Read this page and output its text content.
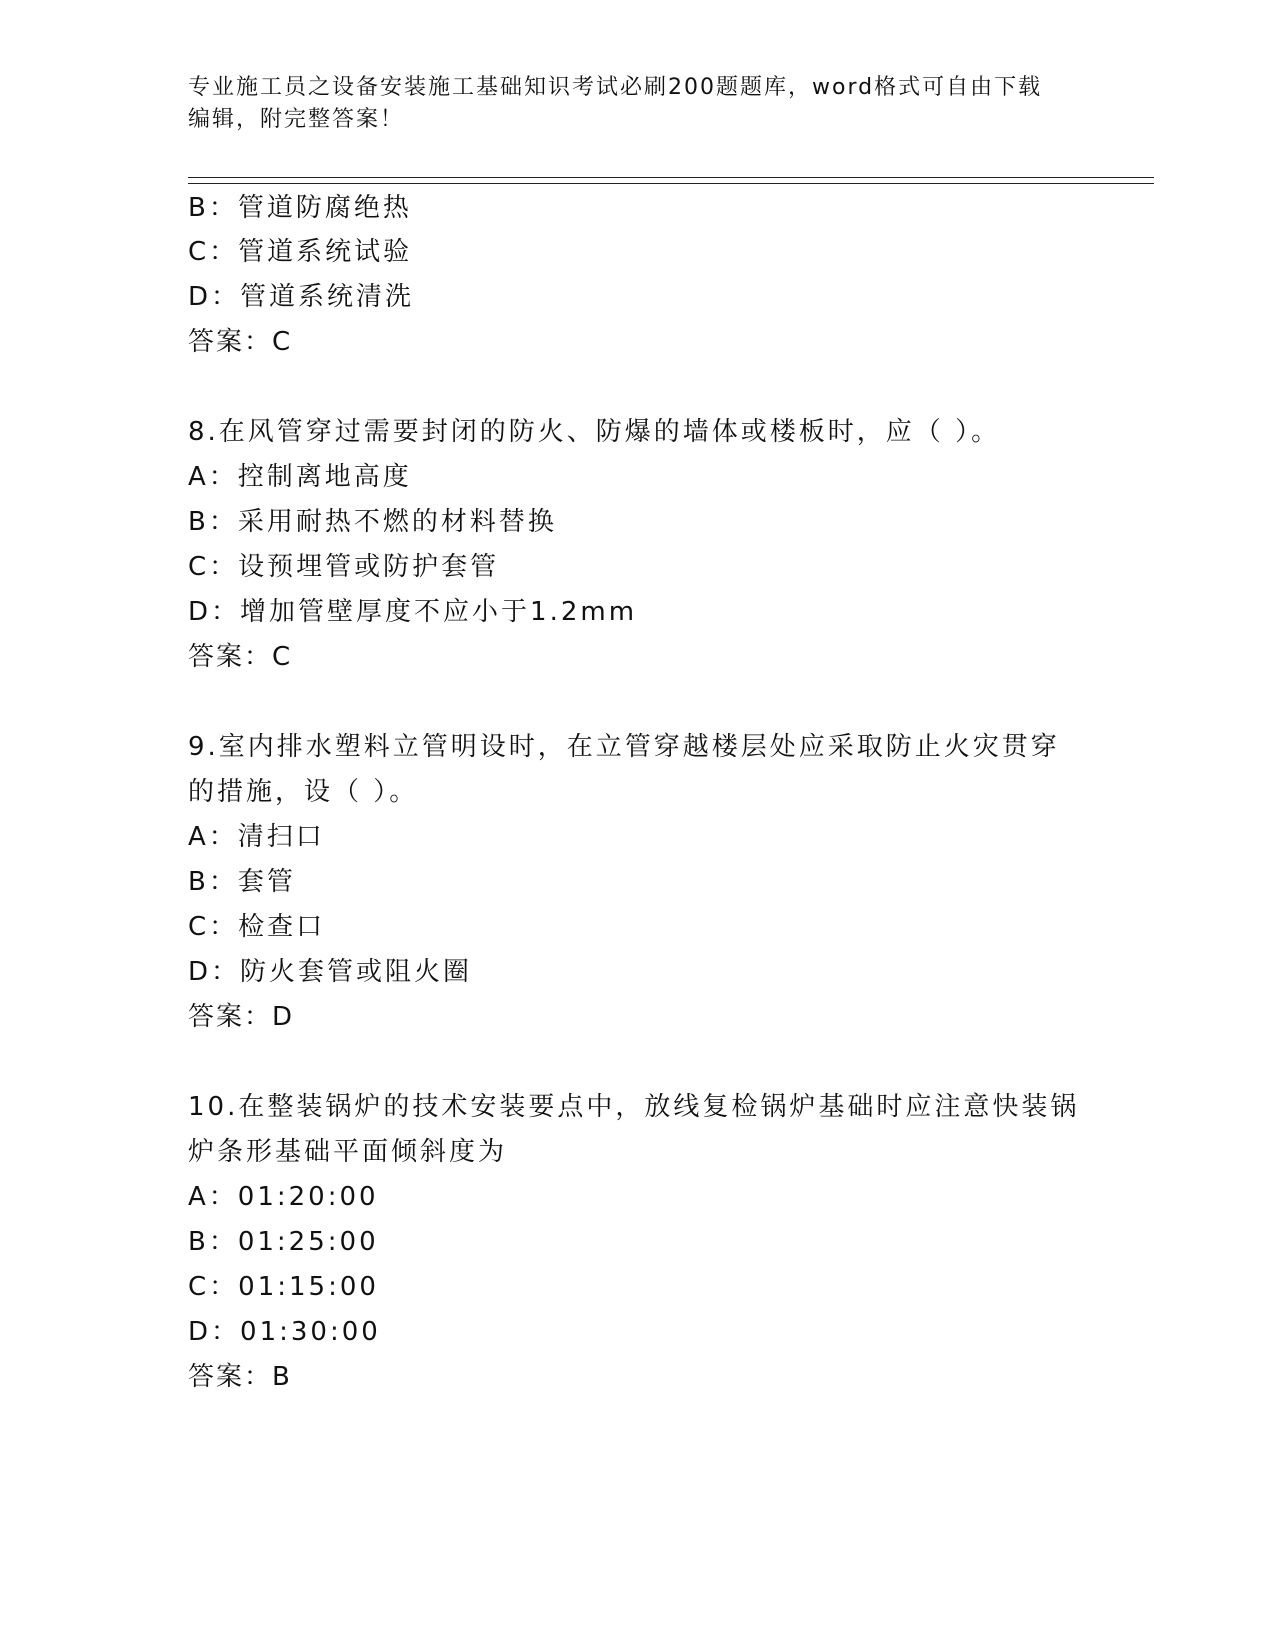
专业施工员之设备安装施工基础知识考试必刷200题题库，word格式可自由下载
编辑，附完整答案！
B：管道防腐绝热
C：管道系统试验
D：管道系统清洗
答案：C
8.在风管穿过需要封闭的防火、防爆的墙体或楼板时，应（ ）。
A：控制离地高度
B：采用耐热不燃的材料替换
C：设预埋管或防护套管
D：增加管壁厚度不应小于1.2mm
答案：C
9.室内排水塑料立管明设时，在立管穿越楼层处应采取防止火灾贯穿
的措施，设（ ）。
A：清扫口
B：套管
C：检查口
D：防火套管或阻火圈
答案：D
10.在整装锅炉的技术安装要点中，放线复检锅炉基础时应注意快装锅
炉条形基础平面倾斜度为
A：01:20:00
B：01:25:00
C：01:15:00
D：01:30:00
答案：B
